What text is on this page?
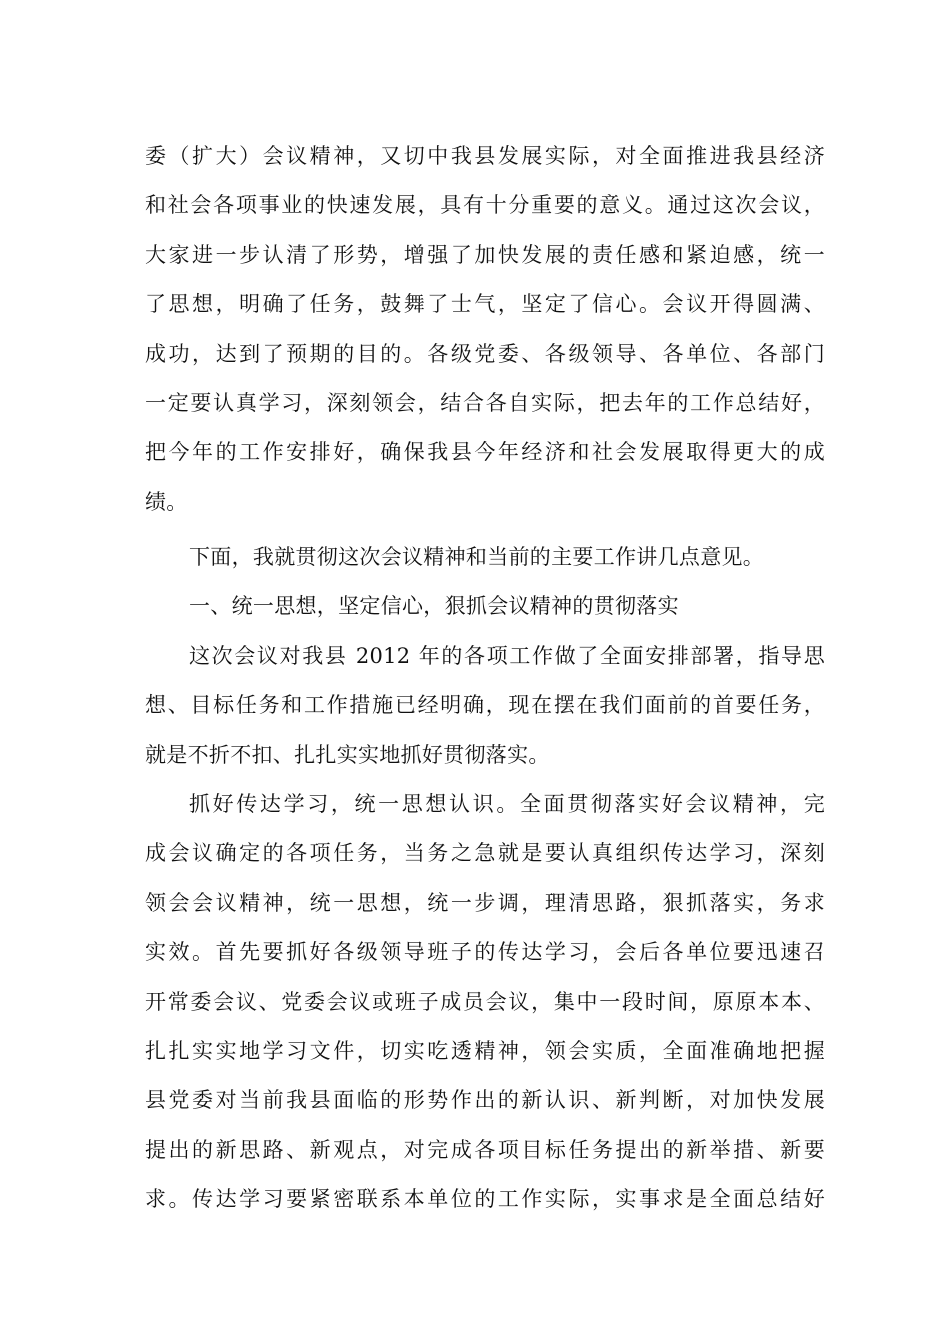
委（扩大）会议精神，又切中我县发展实际，对全面推进我县经济
和社会各项事业的快速发展，具有十分重要的意义。通过这次会议，
大家进一步认清了形势，增强了加快发展的责任感和紧迫感，统一
了思想，明确了任务，鼓舞了士气，坚定了信心。会议开得圆满、
成功，达到了预期的目的。各级党委、各级领导、各单位、各部门
一定要认真学习，深刻领会，结合各自实际，把去年的工作总结好，
把今年的工作安排好，确保我县今年经济和社会发展取得更大的成
绩。
下面，我就贯彻这次会议精神和当前的主要工作讲几点意见。
一、统一思想，坚定信心，狠抓会议精神的贯彻落实
这次会议对我县 2012 年的各项工作做了全面安排部署，指导思
想、目标任务和工作措施已经明确，现在摆在我们面前的首要任务，
就是不折不扣、扎扎实实地抓好贯彻落实。
抓好传达学习，统一思想认识。全面贯彻落实好会议精神，完
成会议确定的各项任务，当务之急就是要认真组织传达学习，深刻
领会会议精神，统一思想，统一步调，理清思路，狠抓落实，务求
实效。首先要抓好各级领导班子的传达学习，会后各单位要迅速召
开常委会议、党委会议或班子成员会议，集中一段时间，原原本本、
扎扎实实地学习文件，切实吃透精神，领会实质，全面准确地把握
县党委对当前我县面临的形势作出的新认识、新判断，对加快发展
提出的新思路、新观点，对完成各项目标任务提出的新举措、新要
求。传达学习要紧密联系本单位的工作实际，实事求是全面总结好
